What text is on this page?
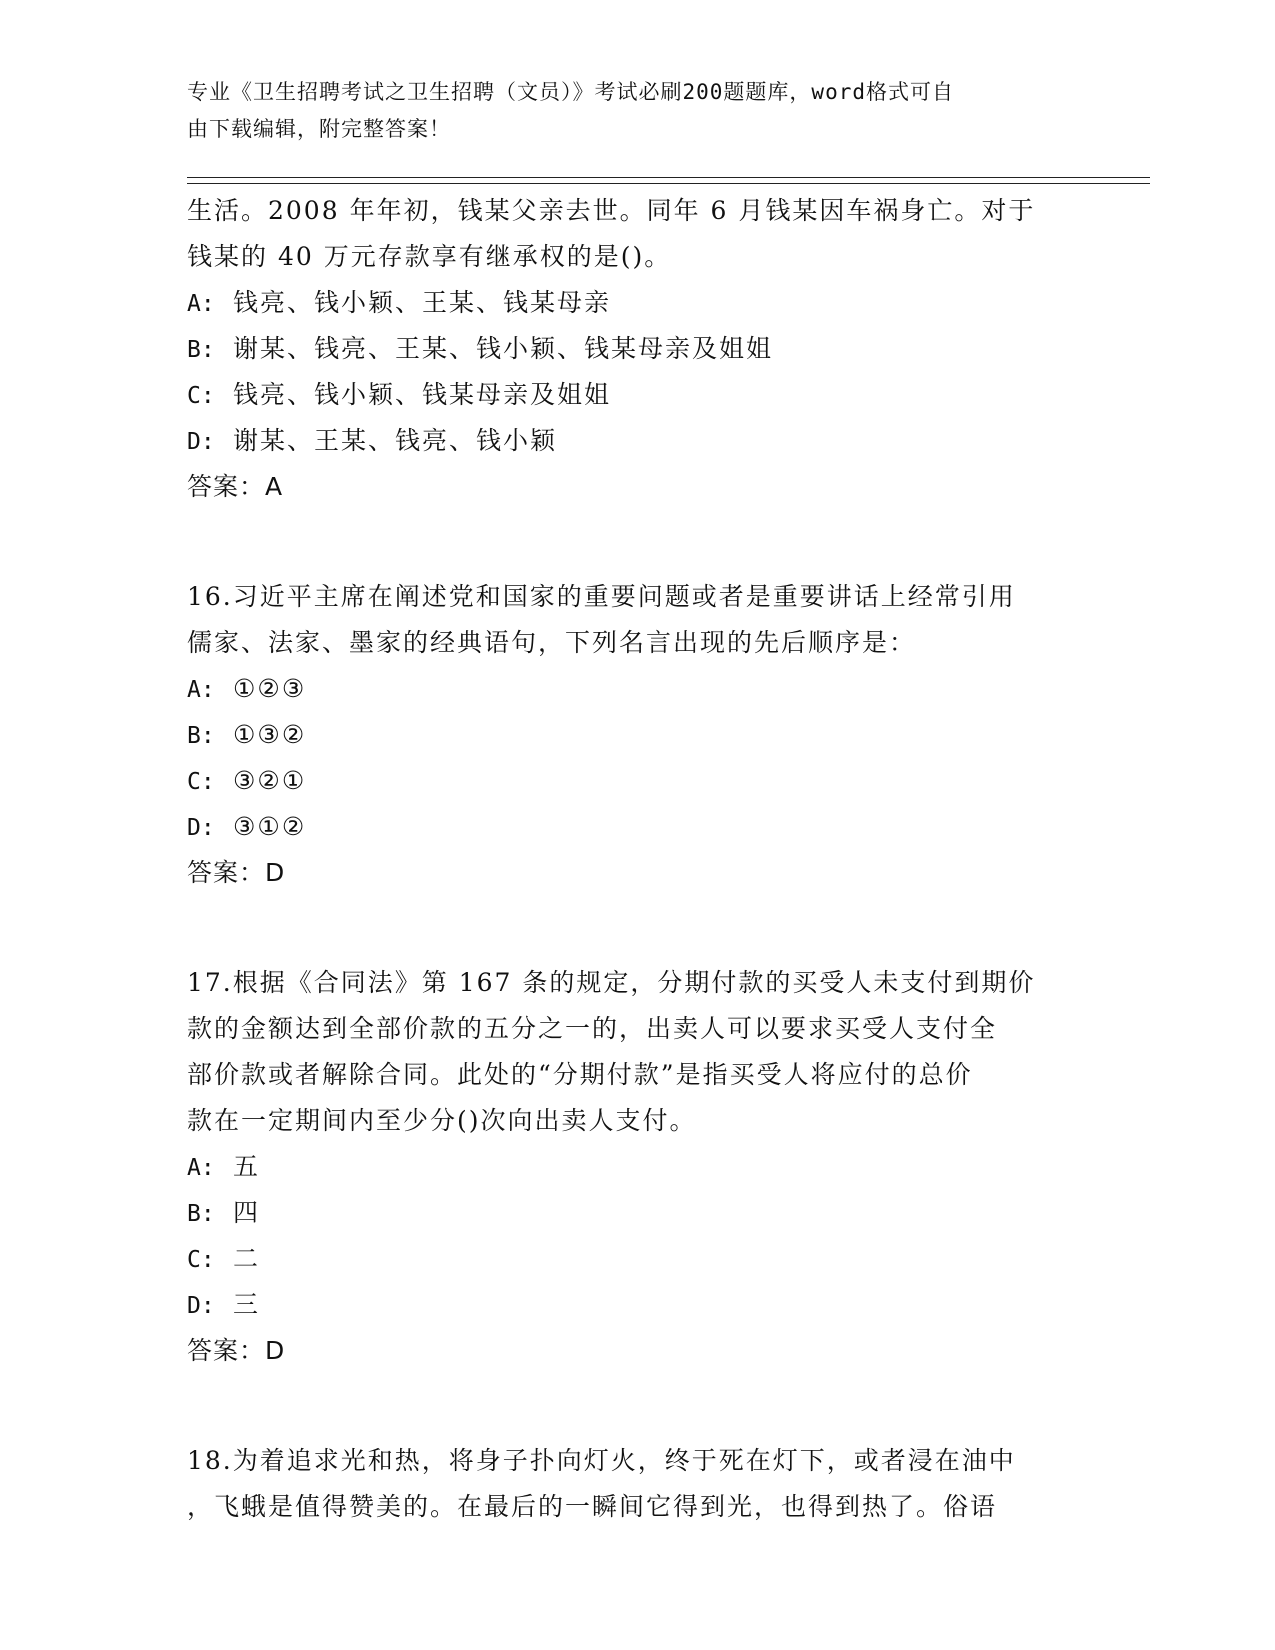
专业《卫生招聘考试之卫生招聘（文员）》考试必刷200题题库，word格式可自
由下载编辑，附完整答案！
生活。2008 年年初，钱某父亲去世。同年 6 月钱某因车祸身亡。对于
钱某的 40 万元存款享有继承权的是()。
A: 钱亮、钱小颖、王某、钱某母亲
B: 谢某、钱亮、王某、钱小颖、钱某母亲及姐姐
C: 钱亮、钱小颖、钱某母亲及姐姐
D: 谢某、王某、钱亮、钱小颖
答案：A
16.习近平主席在阐述党和国家的重要问题或者是重要讲话上经常引用
儒家、法家、墨家的经典语句，下列名言出现的先后顺序是：
A: ①②③
B: ①③②
C: ③②①
D: ③①②
答案：D
17.根据《合同法》第 167 条的规定，分期付款的买受人未支付到期价
款的金额达到全部价款的五分之一的，出卖人可以要求买受人支付全
部价款或者解除合同。此处的“分期付款”是指买受人将应付的总价
款在一定期间内至少分()次向出卖人支付。
A: 五
B: 四
C: 二
D: 三
答案：D
18.为着追求光和热，将身子扑向灯火，终于死在灯下，或者浸在油中
，飞蛾是值得赞美的。在最后的一瞬间它得到光，也得到热了。俗语
